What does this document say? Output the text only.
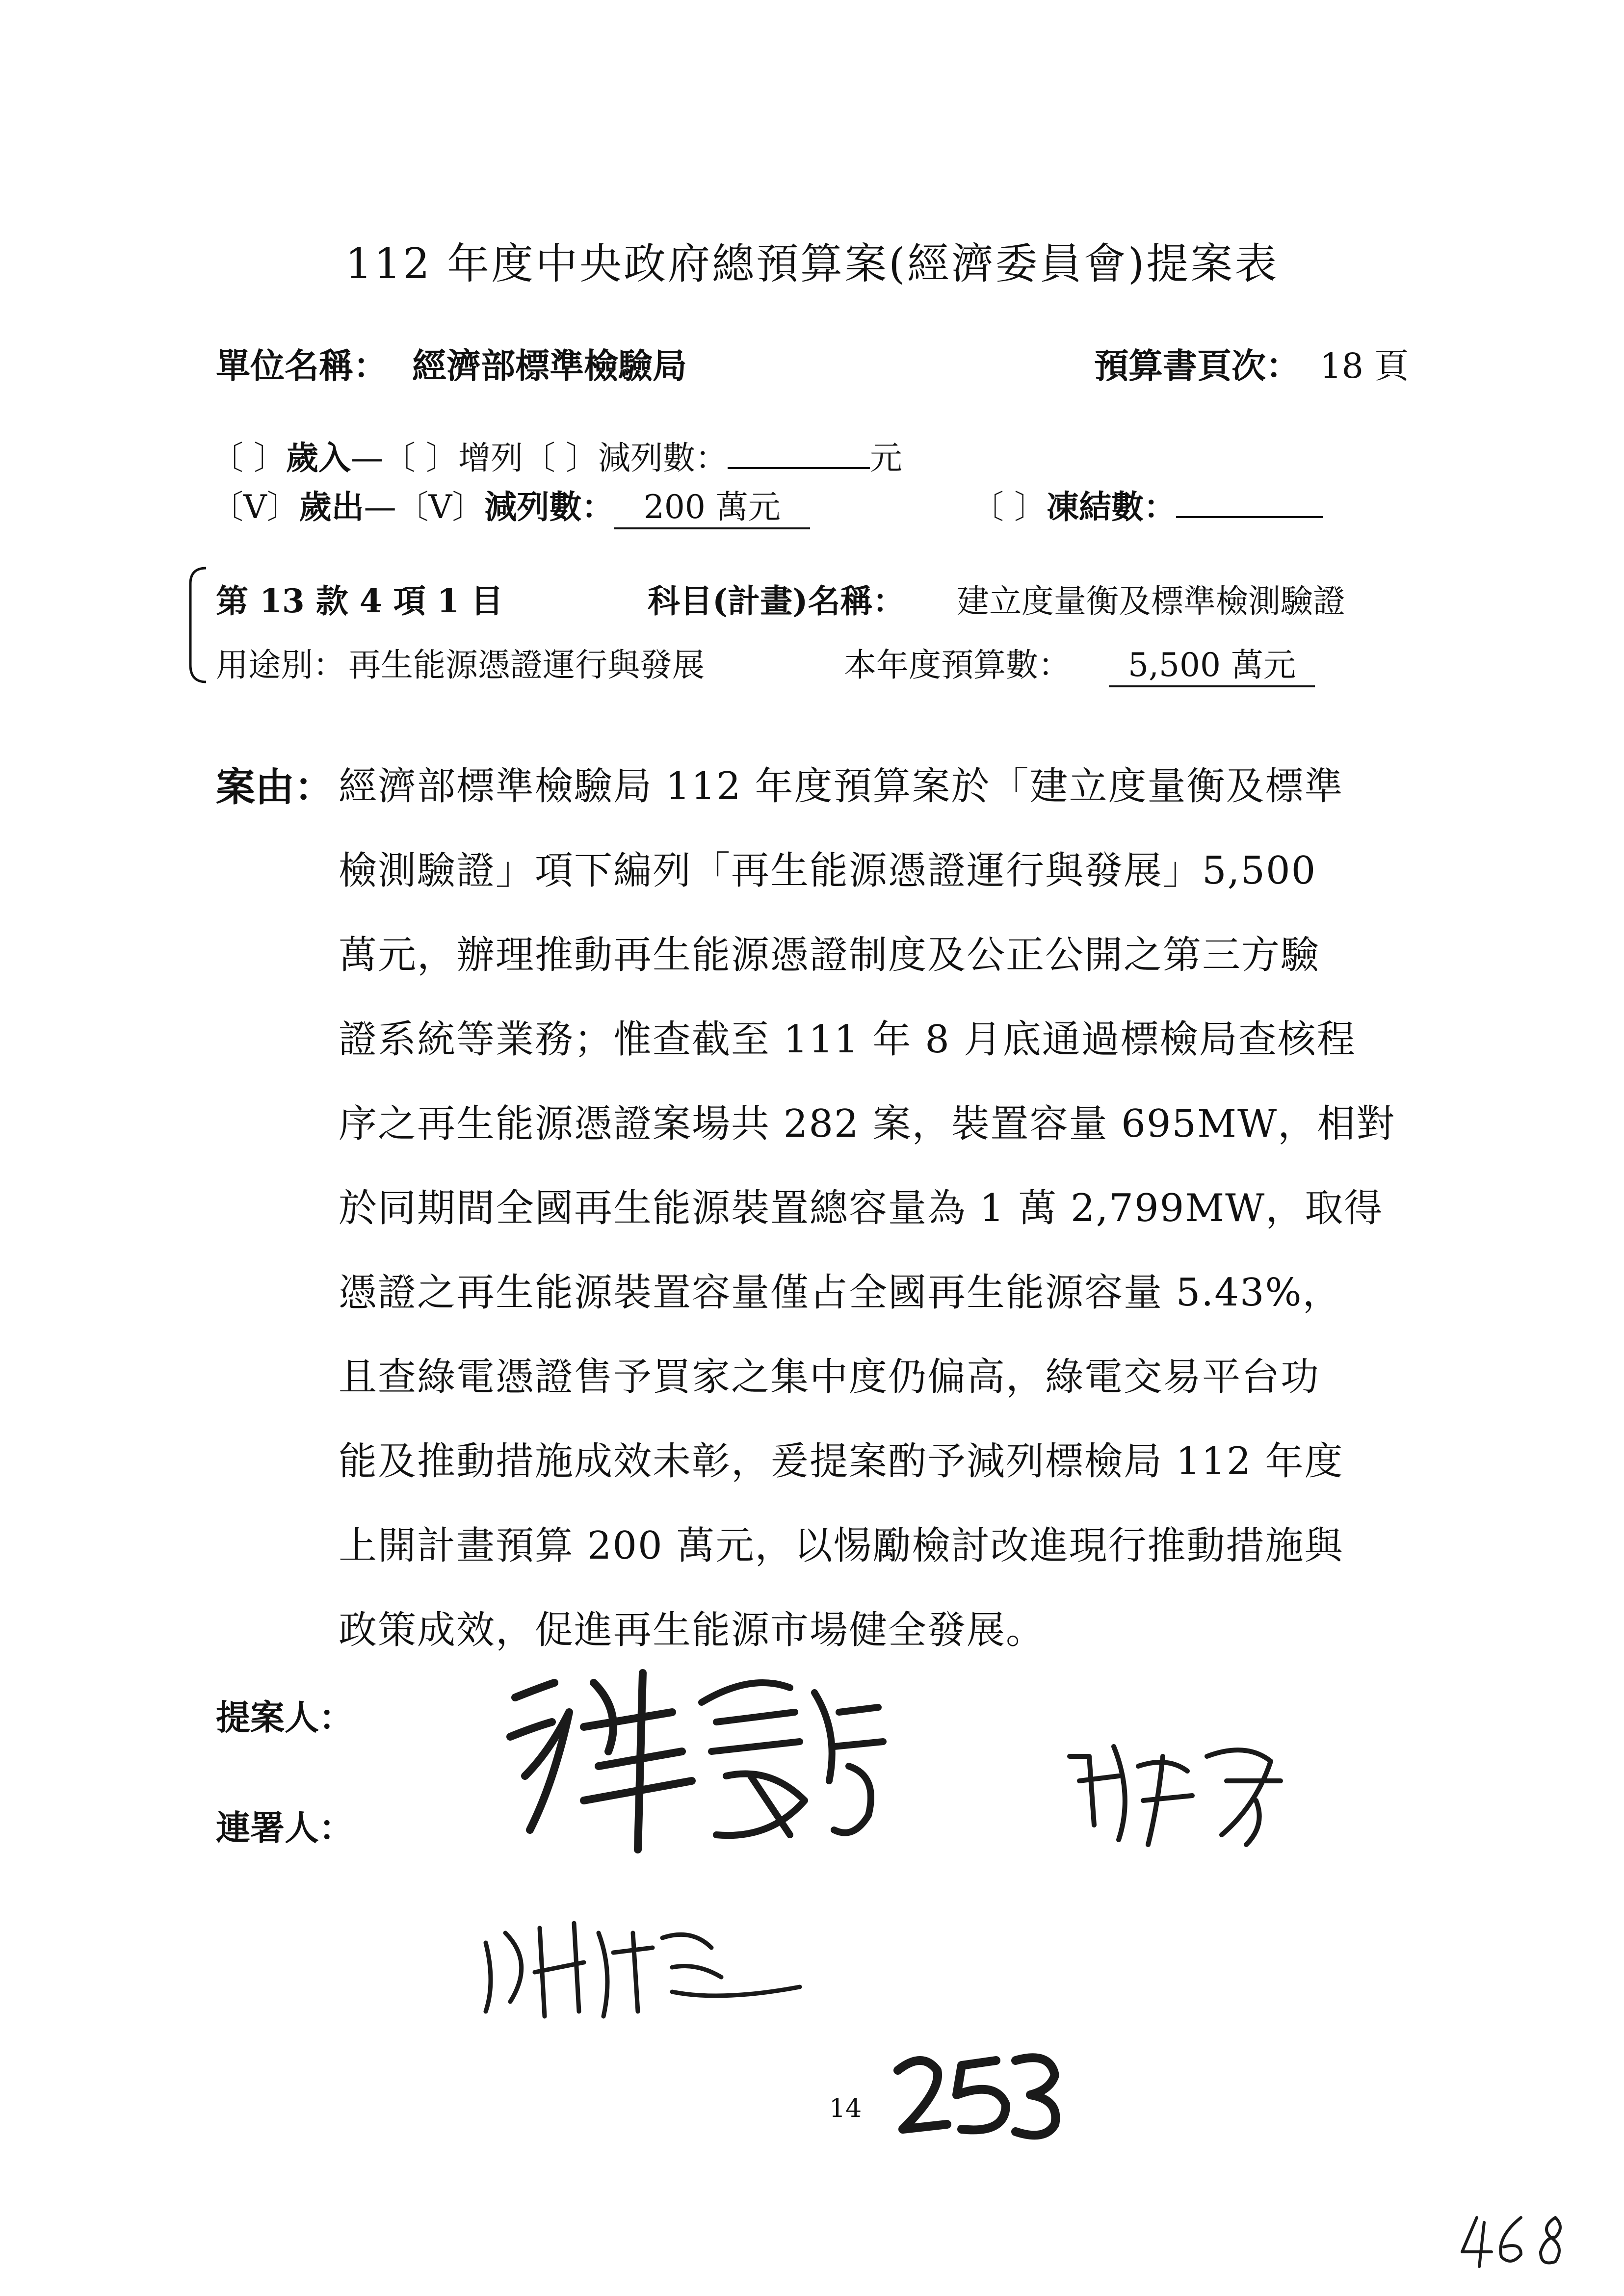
112 年度中央政府總預算案(經濟委員會)提案表
單位名稱： 經濟部標準檢驗局	預算書頁次： 18 頁
〔 〕歲入—〔 〕增列〔 〕減列數：	元
〔V〕歲出—〔V〕減列數： 200 萬元	〔 〕凍結數：
第 13 款 4 項 1 目	科目(計畫)名稱： 建立度量衡及標準檢測驗證
用途別： 再生能源憑證運行與發展	本年度預算數：	5,500 萬元
案由： 經濟部標準檢驗局 112 年度預算案於「建立度量衡及標準
檢測驗證」項下編列「再生能源憑證運行與發展」5,500
萬元，辦理推動再生能源憑證制度及公正公開之第三方驗
證系統等業務；惟查截至 111 年 8 月底通過標檢局查核程
序之再生能源憑證案場共 282 案，裝置容量 695MW，相對
於同期間全國再生能源裝置總容量為 1 萬 2,799MW，取得
憑證之再生能源裝置容量僅占全國再生能源容量 5.43%，
且查綠電憑證售予買家之集中度仍偏高，綠電交易平台功
能及推動措施成效未彰，爰提案酌予減列標檢局 112 年度
上開計畫預算 200 萬元，以惕勵檢討改進現行推動措施與
政策成效，促進再生能源市場健全發展。
提案人：
連署人：
14
